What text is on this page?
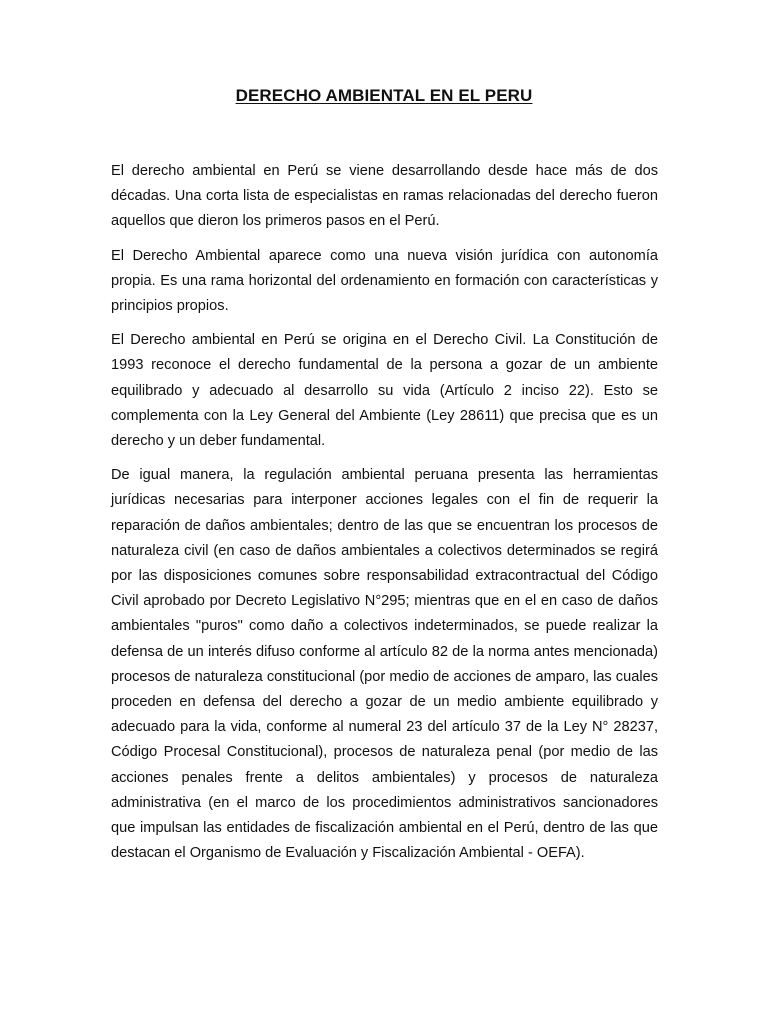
DERECHO AMBIENTAL EN EL PERU

El derecho ambiental en Perú se viene desarrollando desde hace más de dos décadas. Una corta lista de especialistas en ramas relacionadas del derecho fueron aquellos que dieron los primeros pasos en el Perú.

El Derecho Ambiental aparece como una nueva visión jurídica con autonomía propia. Es una rama horizontal del ordenamiento en formación con características y principios propios.

El Derecho ambiental en Perú se origina en el Derecho Civil. La Constitución de 1993 reconoce el derecho fundamental de la persona a gozar de un ambiente equilibrado y adecuado al desarrollo su vida (Artículo 2 inciso 22). Esto se complementa con la Ley General del Ambiente (Ley 28611) que precisa que es un derecho y un deber fundamental.

De igual manera, la regulación ambiental peruana presenta las herramientas jurídicas necesarias para interponer acciones legales con el fin de requerir la reparación de daños ambientales; dentro de las que se encuentran los procesos de naturaleza civil (en caso de daños ambientales a colectivos determinados se regirá por las disposiciones comunes sobre responsabilidad extracontractual del Código Civil aprobado por Decreto Legislativo N°295; mientras que en el en caso de daños ambientales "puros" como daño a colectivos indeterminados, se puede realizar la defensa de un interés difuso conforme al artículo 82 de la norma antes mencionada) procesos de naturaleza constitucional (por medio de acciones de amparo, las cuales proceden en defensa del derecho a gozar de un medio ambiente equilibrado y adecuado para la vida, conforme al numeral 23 del artículo 37 de la Ley N° 28237, Código Procesal Constitucional), procesos de naturaleza penal (por medio de las acciones penales frente a delitos ambientales) y procesos de naturaleza administrativa (en el marco de los procedimientos administrativos sancionadores que impulsan las entidades de fiscalización ambiental en el Perú, dentro de las que destacan el Organismo de Evaluación y Fiscalización Ambiental - OEFA).
